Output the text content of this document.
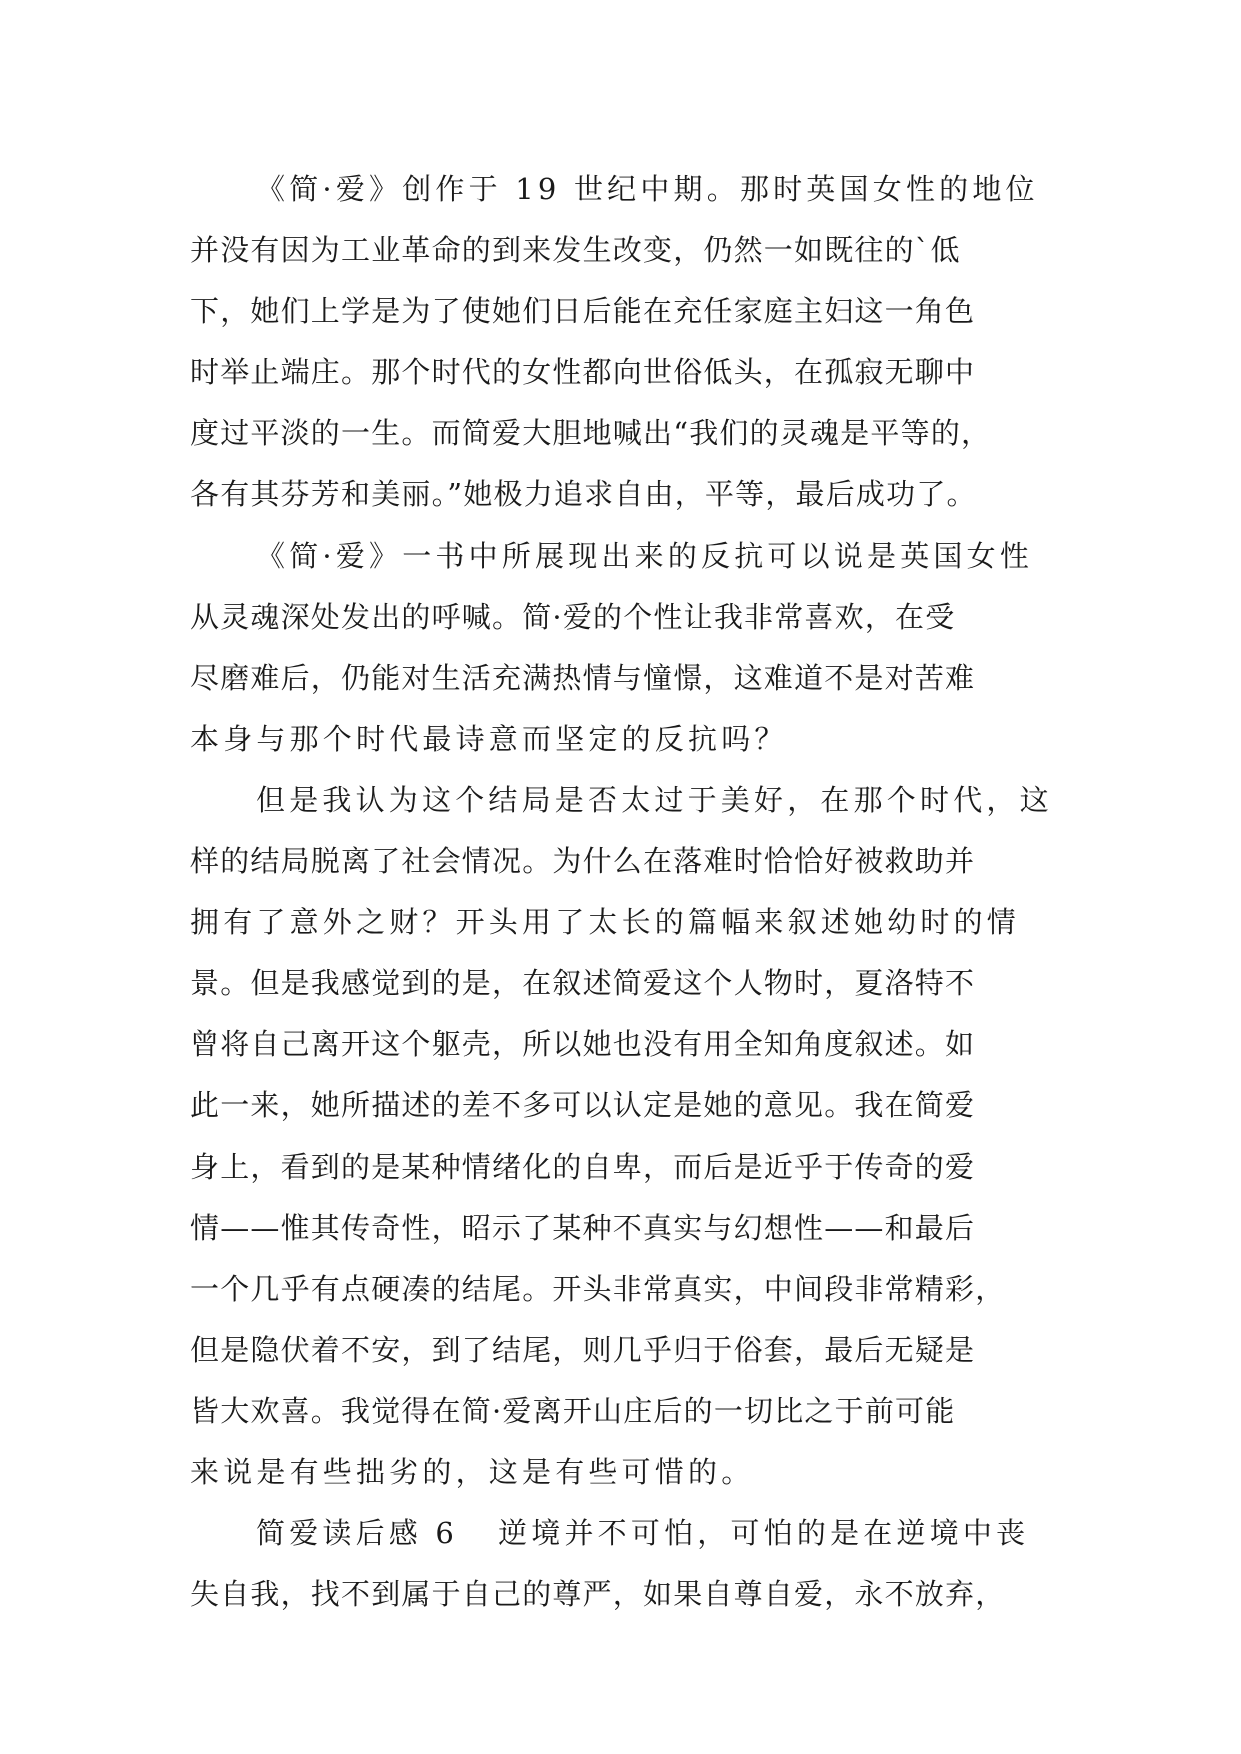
《简·爱》创作于 19 世纪中期。那时英国女性的地位
并没有因为工业革命的到来发生改变，仍然一如既往的`低
下，她们上学是为了使她们日后能在充任家庭主妇这一角色
时举止端庄。那个时代的女性都向世俗低头，在孤寂无聊中
度过平淡的一生。而简爱大胆地喊出“我们的灵魂是平等的，
各有其芬芳和美丽。”她极力追求自由，平等，最后成功了。
《简·爱》一书中所展现出来的反抗可以说是英国女性
从灵魂深处发出的呼喊。简·爱的个性让我非常喜欢，在受
尽磨难后，仍能对生活充满热情与憧憬，这难道不是对苦难
本身与那个时代最诗意而坚定的反抗吗？
但是我认为这个结局是否太过于美好，在那个时代，这
样的结局脱离了社会情况。为什么在落难时恰恰好被救助并
拥有了意外之财？开头用了太长的篇幅来叙述她幼时的情
景。但是我感觉到的是，在叙述简爱这个人物时，夏洛特不
曾将自己离开这个躯壳，所以她也没有用全知角度叙述。如
此一来，她所描述的差不多可以认定是她的意见。我在简爱
身上，看到的是某种情绪化的自卑，而后是近乎于传奇的爱
情——惟其传奇性，昭示了某种不真实与幻想性——和最后
一个几乎有点硬凑的结尾。开头非常真实，中间段非常精彩，
但是隐伏着不安，到了结尾，则几乎归于俗套，最后无疑是
皆大欢喜。我觉得在简·爱离开山庄后的一切比之于前可能
来说是有些拙劣的，这是有些可惜的。
简爱读后感 6 逆境并不可怕，可怕的是在逆境中丧
失自我，找不到属于自己的尊严，如果自尊自爱，永不放弃，
